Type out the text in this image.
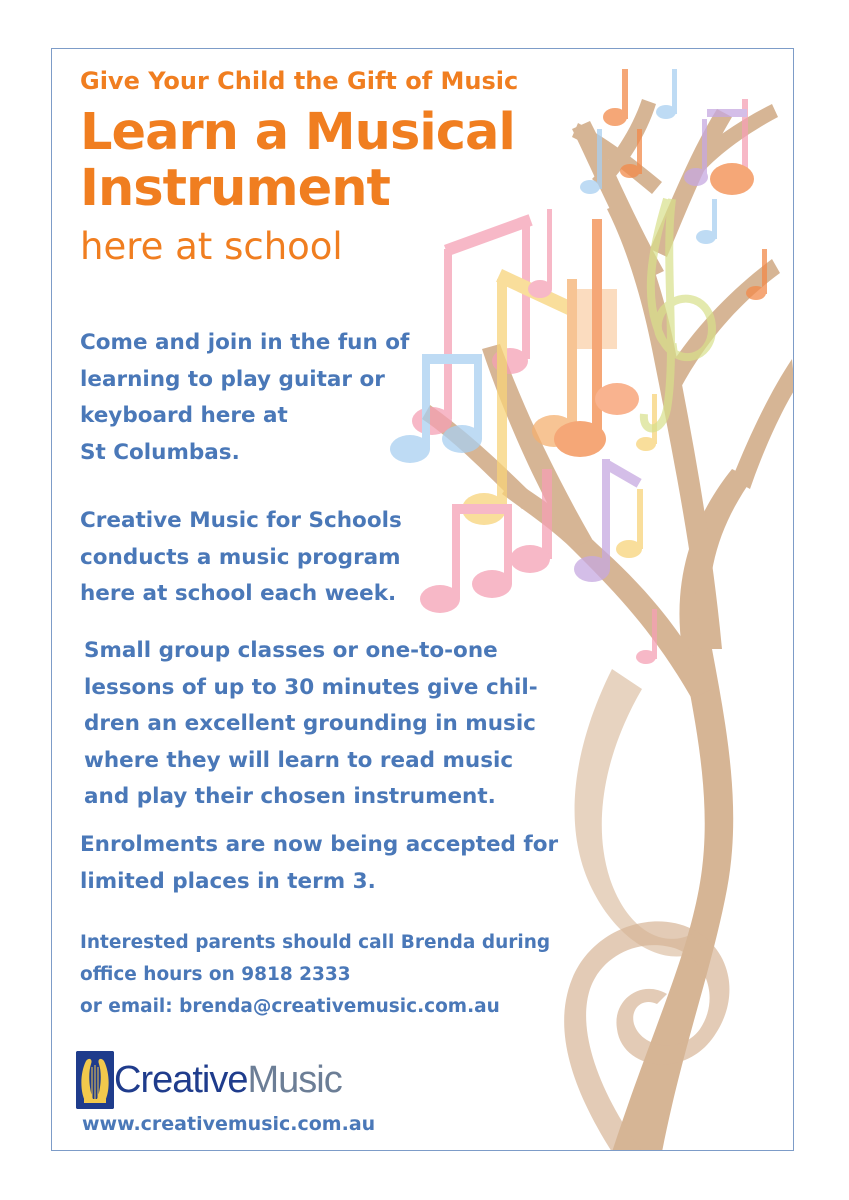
Give Your Child the Gift of Music

Learn a Musical
Instrument

here at school

Come and join in the fun of
learning to play guitar or
keyboard here at
St Columbas.
Creative Music for Schools
conducts a music program
here at school each week.
Small group classes or one-to-one
lessons of up to 30 minutes give chil-
dren an excellent grounding in music
where they will learn to read music
and play their chosen instrument.
Enrolments are now being accepted for
limited places in term 3.
Interested parents should call Brenda during
office hours on 9818 2333
or email: brenda@creativemusic.com.au
CreativeMusic

www.creativemusic.com.au
